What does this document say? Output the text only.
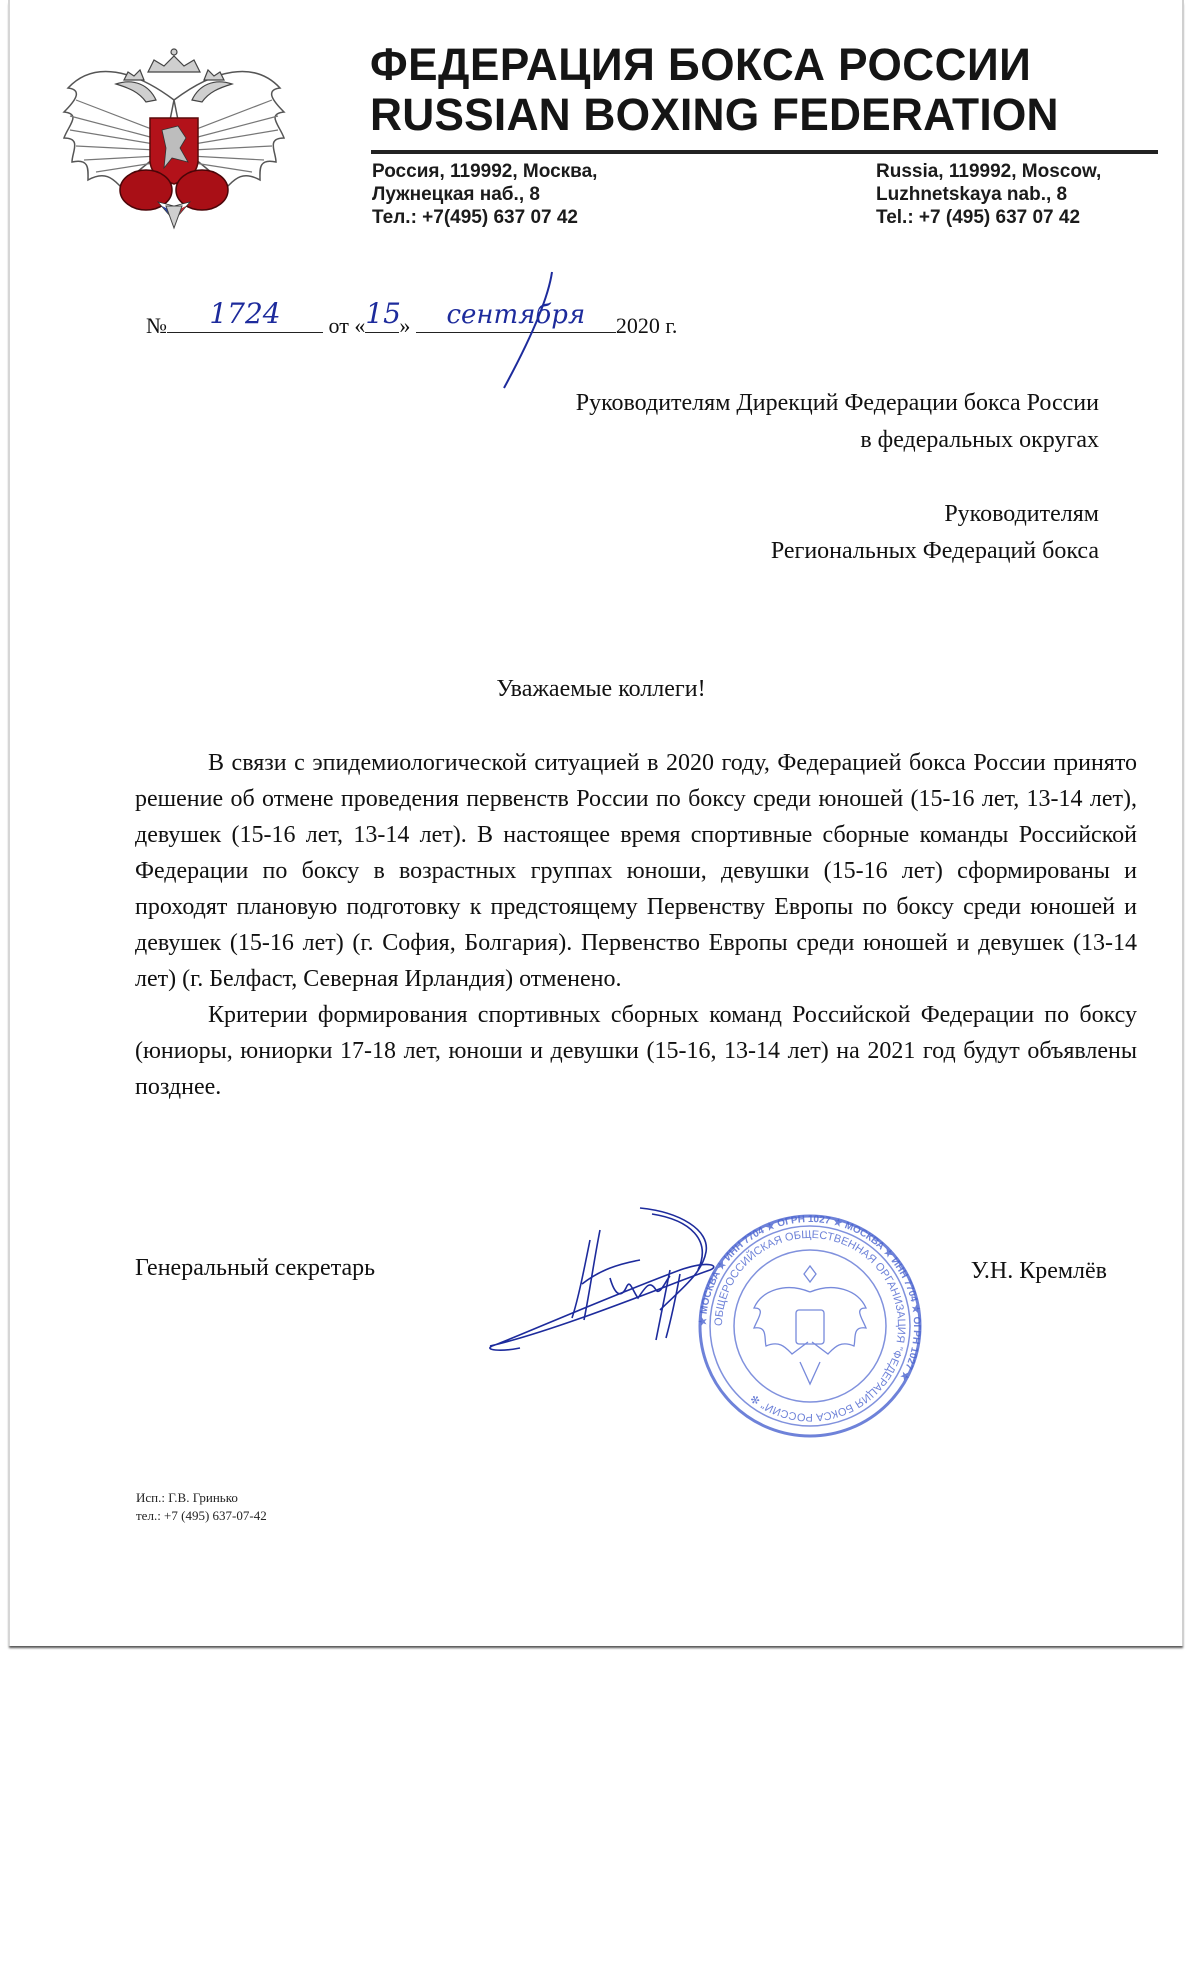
ФЕДЕРАЦИЯ БОКСА РОССИИ
RUSSIAN BOXING FEDERATION
Россия, 119992, Москва,
Лужнецкая наб., 8
Тел.: +7(495) 637 07 42
Russia, 119992, Moscow,
Luzhnetskaya nab., 8
Tel.: +7 (495) 637 07 42
№	1724	от « 15
»	сентября	2020 г.
Руководителям Дирекций Федерации бокса России
в федеральных округах
Руководителям
Региональных Федераций бокса
Уважаемые коллеги!

В связи с эпидемиологической ситуацией в 2020 году, Федерацией бокса России принято решение об отмене проведения первенств России по боксу среди юношей (15-16 лет, 13-14 лет), девушек (15-16 лет, 13-14 лет). В настоящее время спортивные сборные команды Российской Федерации по боксу в возрастных группах юноши, девушки (15-16 лет) сформированы и проходят плановую подготовку к предстоящему Первенству Европы по боксу среди юношей и девушек (15-16 лет) (г. София, Болгария). Первенство Европы среди юношей и девушек (13-14 лет) (г. Белфаст, Северная Ирландия) отменено.

Критерии формирования спортивных сборных команд Российской Федерации по боксу (юниоры, юниорки 17-18 лет, юноши и девушки (15-16, 13-14 лет) на 2021 год будут объявлены позднее.

Генеральный секретарь
★ МОСКВА ★ ИНН 7704 ★ ОГРН 1027 ★ МОСКВА ★ ИНН 7704 ★ ОГРН 1027 ★
ОБЩЕРОССИЙСКАЯ ОБЩЕСТВЕННАЯ ОРГАНИЗАЦИЯ "ФЕДЕРАЦИЯ БОКСА РОССИИ" ✻
У.Н. Кремлёв
Исп.: Г.В. Гринько
тел.: +7 (495) 637-07-42
